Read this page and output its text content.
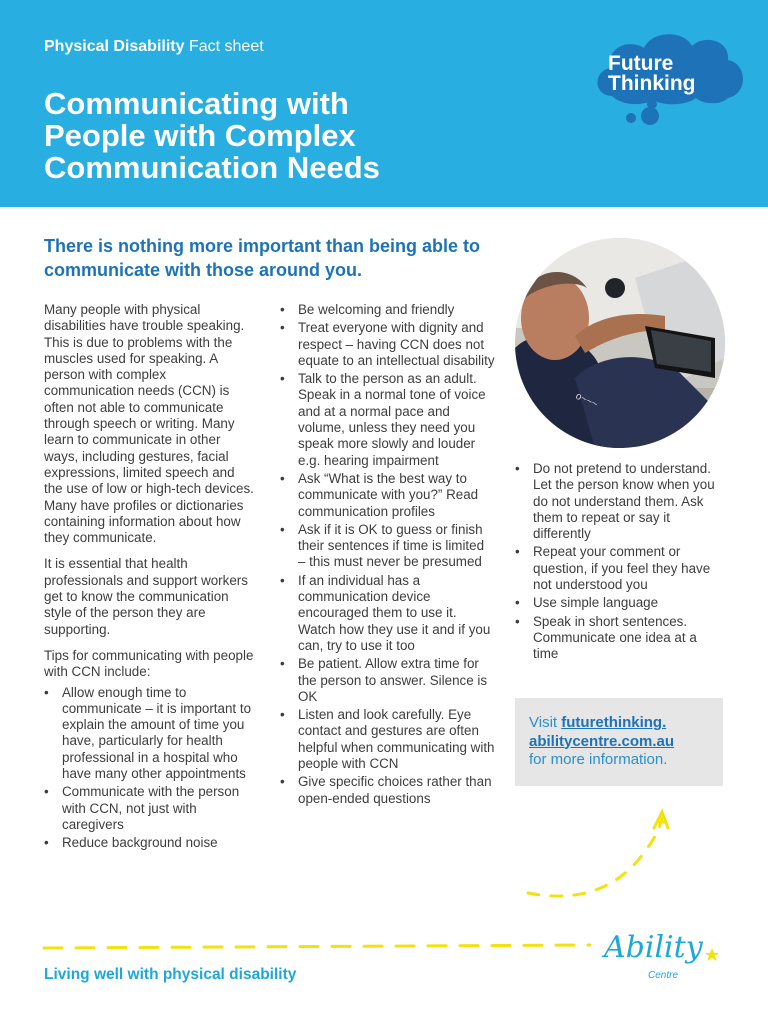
Physical Disability Fact sheet
Communicating with
People with Complex
Communication Needs
Future
Thinking
There is nothing more important than being able to communicate with those around you.
o~~~

Many people with physical disabilities have trouble speaking. This is due to problems with the muscles used for speaking. A person with complex communication needs (CCN) is often not able to communicate through speech or writing. Many learn to communicate in other ways, including gestures, facial expressions, limited speech and the use of low or high-tech devices. Many have profiles or dictionaries containing information about how they communicate.

It is essential that health professionals and support workers get to know the communication style of the person they are supporting.

Tips for communicating with people with CCN include:

• Allow enough time to communicate – it is important to explain the amount of time you have, particularly for health professional in a hospital who have many other appointments
• Communicate with the person with CCN, not just with caregivers
• Reduce background noise
• Be welcoming and friendly
• Treat everyone with dignity and respect – having CCN does not equate to an intellectual disability
• Talk to the person as an adult. Speak in a normal tone of voice and at a normal pace and volume, unless they need you speak more slowly and louder e.g. hearing impairment
• Ask “What is the best way to communicate with you?” Read communication profiles
• Ask if it is OK to guess or finish their sentences if time is limited – this must never be presumed
• If an individual has a communication device encouraged them to use it. Watch how they use it and if you can, try to use it too
• Be patient. Allow extra time for the person to answer. Silence is OK
• Listen and look carefully. Eye contact and gestures are often helpful when communicating with people with CCN
• Give specific choices rather than open-ended questions
• Do not pretend to understand. Let the person know when you do not understand them. Ask them to repeat or say it differently
• Repeat your comment or question, if you feel they have not understood you
• Use simple language
• Speak in short sentences. Communicate one idea at a time
Visit futurethinking.
abilitycentre.com.au
for more information.
Living well with physical disability
Ability
Centre
